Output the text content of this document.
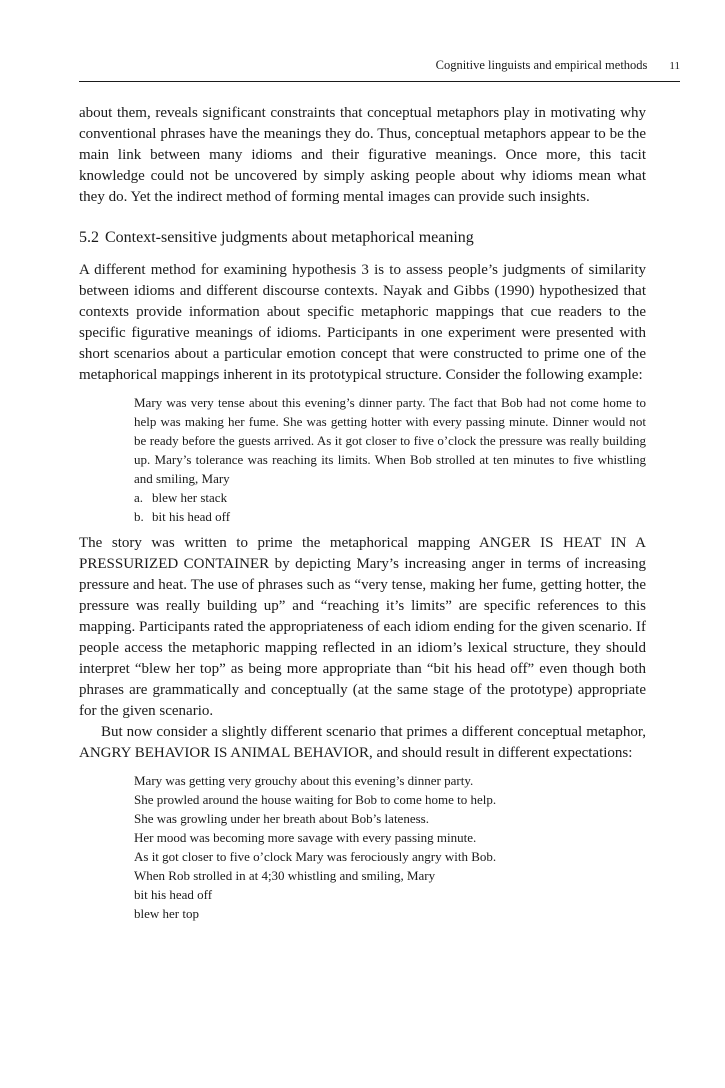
Cognitive linguists and empirical methods 11

about them, reveals significant constraints that conceptual metaphors play in motivating why conventional phrases have the meanings they do. Thus, conceptual metaphors appear to be the main link between many idioms and their figurative meanings. Once more, this tacit knowledge could not be uncovered by simply asking people about why idioms mean what they do. Yet the indirect method of forming mental images can provide such insights.

5.2 Context-sensitive judgments about metaphorical meaning

A different method for examining hypothesis 3 is to assess people’s judgments of similarity between idioms and different discourse contexts. Nayak and Gibbs (1990) hypothesized that contexts provide information about specific metaphoric mappings that cue readers to the specific figurative meanings of idioms. Participants in one experiment were presented with short scenarios about a particular emotion concept that were constructed to prime one of the metaphorical mappings inherent in its prototypical structure. Consider the following example:

Mary was very tense about this evening’s dinner party. The fact that Bob had not come home to help was making her fume. She was getting hotter with every passing minute. Dinner would not be ready before the guests arrived. As it got closer to five o’clock the pressure was really building up. Mary’s tolerance was reaching its limits. When Bob strolled at ten minutes to five whistling and smiling, Mary

a. blew her stack
b. bit his head off

The story was written to prime the metaphorical mapping ANGER IS HEAT IN A PRESSURIZED CONTAINER by depicting Mary’s increasing anger in terms of increasing pressure and heat. The use of phrases such as “very tense, making her fume, getting hotter, the pressure was really building up” and “reaching it’s limits” are specific references to this mapping. Participants rated the appropriateness of each idiom ending for the given scenario. If people access the metaphoric mapping reflected in an idiom’s lexical structure, they should interpret “blew her top” as being more appropriate than “bit his head off” even though both phrases are grammatically and conceptually (at the same stage of the prototype) appropriate for the given scenario.

But now consider a slightly different scenario that primes a different conceptual metaphor, ANGRY BEHAVIOR IS ANIMAL BEHAVIOR, and should result in different expectations:

Mary was getting very grouchy about this evening’s dinner party.
She prowled around the house waiting for Bob to come home to help.
She was growling under her breath about Bob’s lateness.
Her mood was becoming more savage with every passing minute.
As it got closer to five o’clock Mary was ferociously angry with Bob.
When Rob strolled in at 4;30 whistling and smiling, Mary
bit his head off
blew her top
